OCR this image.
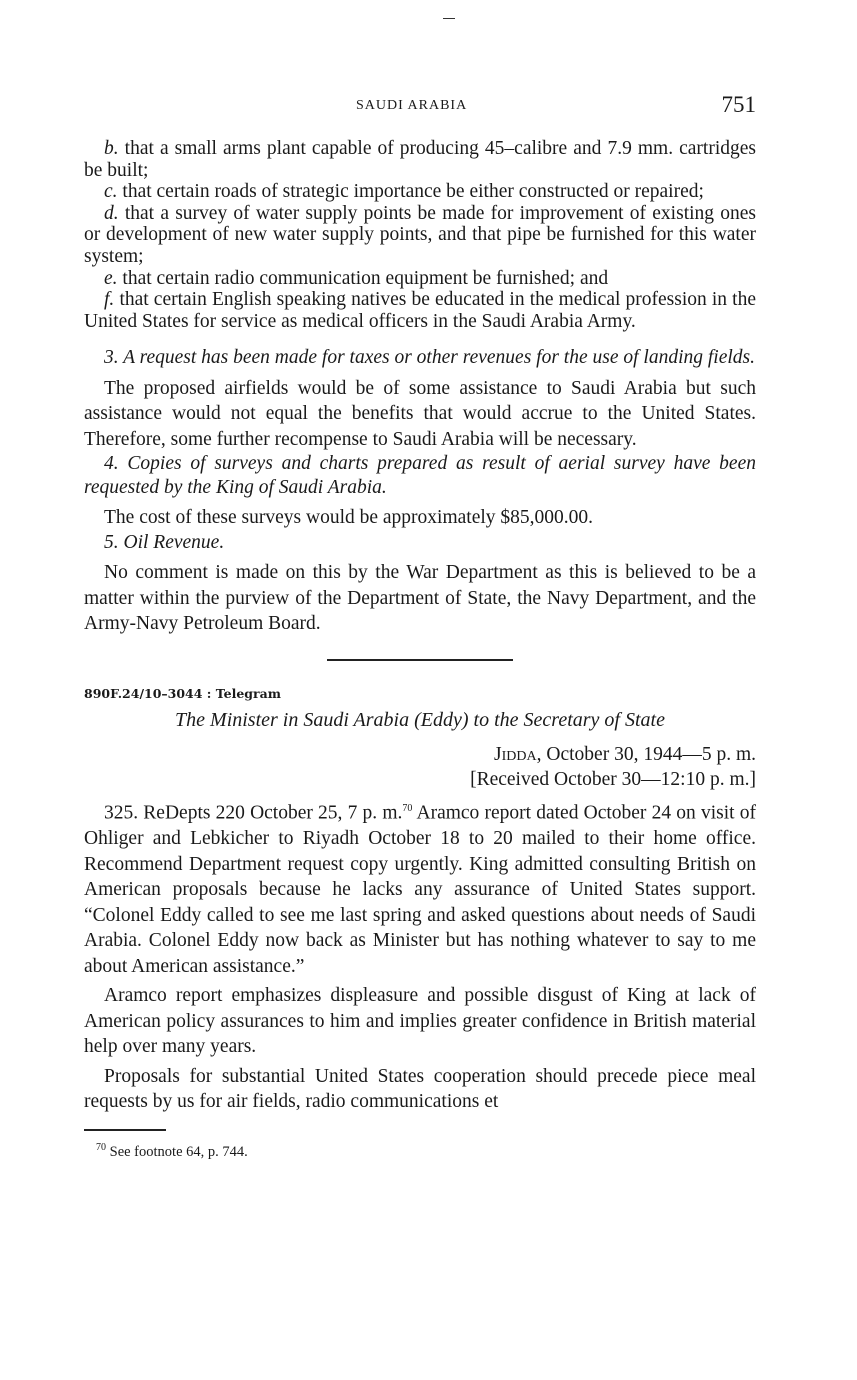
SAUDI ARABIA	751

b. that a small arms plant capable of producing 45–calibre and 7.9 mm. cartridges be built;

c. that certain roads of strategic importance be either constructed or repaired;

d. that a survey of water supply points be made for improvement of existing ones or development of new water supply points, and that pipe be furnished for this water system;

e. that certain radio communication equipment be furnished; and

f. that certain English speaking natives be educated in the medical profession in the United States for service as medical officers in the Saudi Arabia Army.

3. A request has been made for taxes or other revenues for the use of landing fields.

The proposed airfields would be of some assistance to Saudi Arabia but such assistance would not equal the benefits that would accrue to the United States. Therefore, some further recompense to Saudi Arabia will be necessary.

4. Copies of surveys and charts prepared as result of aerial survey have been requested by the King of Saudi Arabia.

The cost of these surveys would be approximately $85,000.00.

5. Oil Revenue.

No comment is made on this by the War Department as this is believed to be a matter within the purview of the Department of State, the Navy Department, and the Army-Navy Petroleum Board.

890F.24/10–3044 : Telegram

The Minister in Saudi Arabia (Eddy) to the Secretary of State

Jidda, October 30, 1944—5 p. m.

[Received October 30—12:10 p. m.]

325. ReDepts 220 October 25, 7 p. m.$^{70}$ Aramco report dated October 24 on visit of Ohliger and Lebkicher to Riyadh October 18 to 20 mailed to their home office. Recommend Department request copy urgently. King admitted consulting British on American proposals because he lacks any assurance of United States support. “Colonel Eddy called to see me last spring and asked questions about needs of Saudi Arabia. Colonel Eddy now back as Minister but has nothing whatever to say to me about American assistance.”

Aramco report emphasizes displeasure and possible disgust of King at lack of American policy assurances to him and implies greater confidence in British material help over many years.

Proposals for substantial United States cooperation should precede piece meal requests by us for air fields, radio communications et

$^{70}$ See footnote 64, p. 744.
